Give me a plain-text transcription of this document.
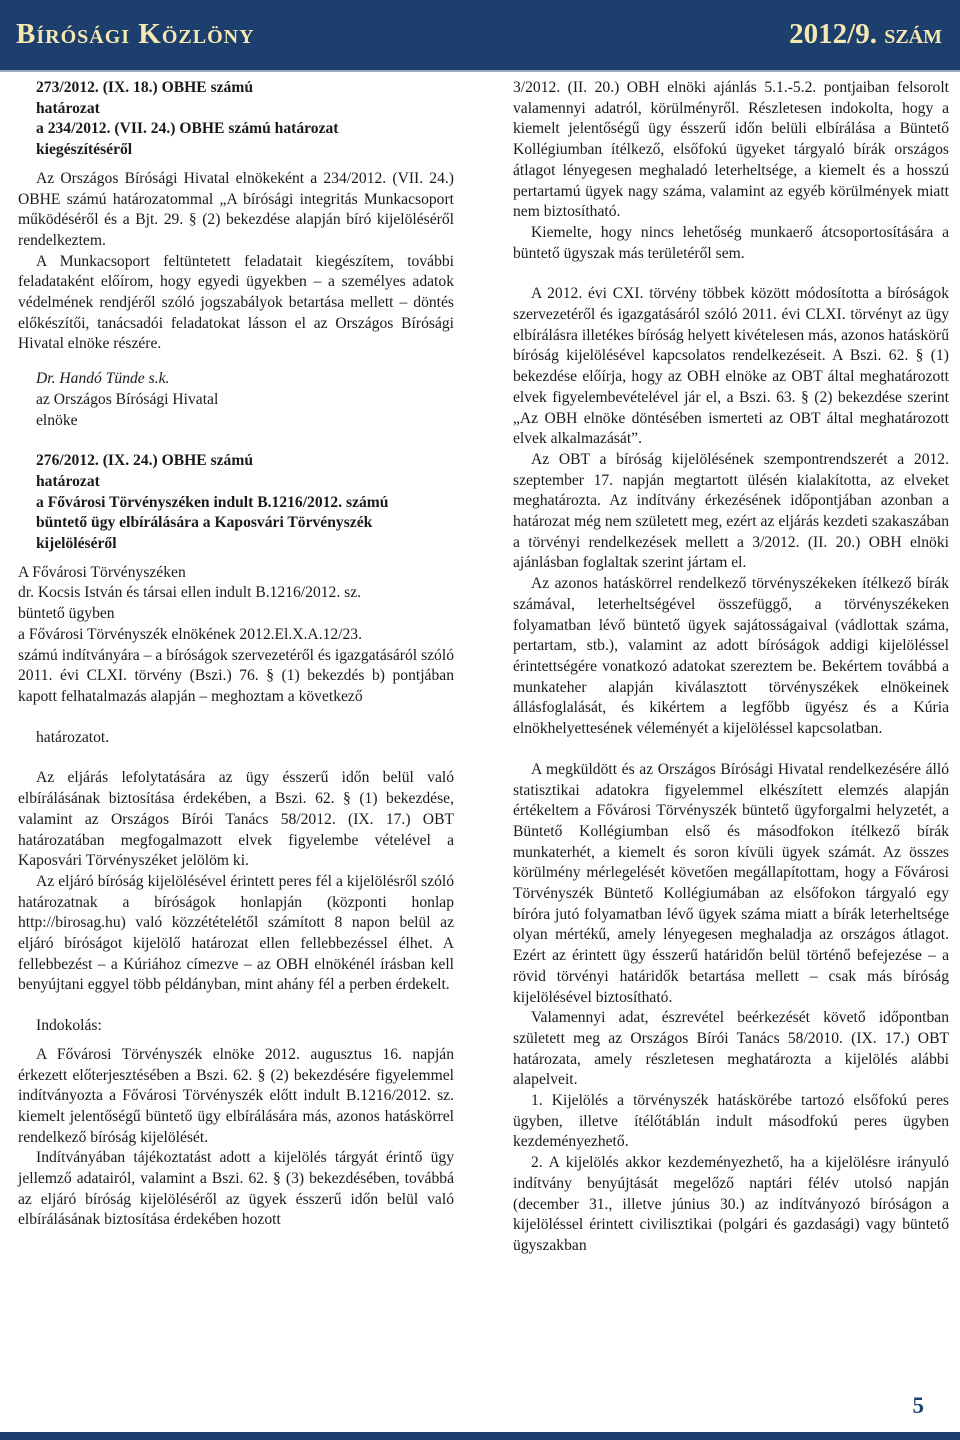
Bírósági Közlöny	2012/9. szám

273/2012. (IX. 18.) OBHE számú

határozat

a 234/2012. (VII. 24.) OBHE számú határozat

kiegészítéséről

Az Országos Bírósági Hivatal elnökeként a 234/2012. (VII. 24.) OBHE számú határozatommal „A bírósági integritás Munkacsoport működéséről és a Bjt. 29. § (2) bekezdése alapján bíró kijelöléséről rendelkeztem.

A Munkacsoport feltüntetett feladatait kiegészítem, további feladataként előírom, hogy egyedi ügyekben – a személyes adatok védelmének rendjéről szóló jogszabályok betartása mellett – döntés előkészítői, tanácsadói feladatokat lásson el az Országos Bírósági Hivatal elnöke részére.

Dr. Handó Tünde s.k.

az Országos Bírósági Hivatal

elnöke

276/2012. (IX. 24.) OBHE számú

határozat

a Fővárosi Törvényszéken indult B.1216/2012. számú

büntető ügy elbírálására a Kaposvári Törvényszék

kijelöléséről

A Fővárosi Törvényszéken

dr. Kocsis István és társai ellen indult B.1216/2012. sz.

büntető ügyben

a Fővárosi Törvényszék elnökének 2012.El.X.A.12/23.

számú indítványára – a bíróságok szervezetéről és igazgatásáról szóló 2011. évi CLXI. törvény (Bszi.) 76. § (1) bekezdés b) pontjában kapott felhatalmazás alapján – meghoztam a következő

határozatot.

Az eljárás lefolytatására az ügy ésszerű időn belül való elbírálásának biztosítása érdekében, a Bszi. 62. § (1) bekezdése, valamint az Országos Bírói Tanács 58/2012. (IX. 17.) OBT határozatában megfogalmazott elvek figyelembe vételével a Kaposvári Törvényszéket jelölöm ki.

Az eljáró bíróság kijelölésével érintett peres fél a kijelölésről szóló határozatnak a bíróságok honlapján (központi honlap http://birosag.hu) való közzétételétől számított 8 napon belül az eljáró bíróságot kijelölő határozat ellen fellebbezéssel élhet. A fellebbezést – a Kúriához címezve – az OBH elnökénél írásban kell benyújtani eggyel több példányban, mint ahány fél a perben érdekelt.

Indokolás:

A Fővárosi Törvényszék elnöke 2012. augusztus 16. napján érkezett előterjesztésében a Bszi. 62. § (2) bekezdésére figyelemmel indítványozta a Fővárosi Törvényszék előtt indult B.1216/2012. sz. kiemelt jelentőségű büntető ügy elbírálására más, azonos hatáskörrel rendelkező bíróság kijelölését.

Indítványában tájékoztatást adott a kijelölés tárgyát érintő ügy jellemző adatairól, valamint a Bszi. 62. § (3) bekezdésében, továbbá az eljáró bíróság kijelöléséről az ügyek ésszerű időn belül való elbírálásának biztosítása érdekében hozott

3/2012. (II. 20.) OBH elnöki ajánlás 5.1.-5.2. pontjaiban felsorolt valamennyi adatról, körülményről. Részletesen indokolta, hogy a kiemelt jelentőségű ügy ésszerű időn belüli elbírálása a Büntető Kollégiumban ítélkező, elsőfokú ügyeket tárgyaló bírák országos átlagot lényegesen meghaladó leterheltsége, a kiemelt és a hosszú pertartamú ügyek nagy száma, valamint az egyéb körülmények miatt nem biztosítható.

Kiemelte, hogy nincs lehetőség munkaerő átcsoportosítására a büntető ügyszak más területéről sem.

A 2012. évi CXI. törvény többek között módosította a bíróságok szervezetéről és igazgatásáról szóló 2011. évi CLXI. törvényt az ügy elbírálásra illetékes bíróság helyett kivételesen más, azonos hatáskörű bíróság kijelölésével kapcsolatos rendelkezéseit. A Bszi. 62. § (1) bekezdése előírja, hogy az OBH elnöke az OBT által meghatározott elvek figyelembevételével jár el, a Bszi. 63. § (2) bekezdése szerint „Az OBH elnöke döntésében ismerteti az OBT által meghatározott elvek alkalmazását”.

Az OBT a bíróság kijelölésének szempontrendszerét a 2012. szeptember 17. napján megtartott ülésén kialakította, az elveket meghatározta. Az indítvány érkezésének időpontjában azonban a határozat még nem született meg, ezért az eljárás kezdeti szakaszában a törvényi rendelkezések mellett a 3/2012. (II. 20.) OBH elnöki ajánlásban foglaltak szerint jártam el.

Az azonos hatáskörrel rendelkező törvényszékeken ítélkező bírák számával, leterheltségével összefüggő, a törvényszékeken folyamatban lévő büntető ügyek sajátosságaival (vádlottak száma, pertartam, stb.), valamint az adott bíróságok addigi kijelöléssel érintettségére vonatkozó adatokat szereztem be. Bekértem továbbá a munkateher alapján kiválasztott törvényszékek elnökeinek állásfoglalását, és kikértem a legfőbb ügyész és a Kúria elnökhelyettesének véleményét a kijelöléssel kapcsolatban.

A megküldött és az Országos Bírósági Hivatal rendelkezésére álló statisztikai adatokra figyelemmel elkészített elemzés alapján értékeltem a Fővárosi Törvényszék büntető ügyforgalmi helyzetét, a Büntető Kollégiumban első és másodfokon ítélkező bírák munkaterhét, a kiemelt és soron kívüli ügyek számát. Az összes körülmény mérlegelését követően megállapítottam, hogy a Fővárosi Törvényszék Büntető Kollégiumában az elsőfokon tárgyaló egy bíróra jutó folyamatban lévő ügyek száma miatt a bírák leterheltsége olyan mértékű, amely lényegesen meghaladja az országos átlagot. Ezért az érintett ügy ésszerű határidőn belül történő befejezése – a rövid törvényi határidők betartása mellett – csak más bíróság kijelölésével biztosítható.

Valamennyi adat, észrevétel beérkezését követő időpontban született meg az Országos Bírói Tanács 58/2010. (IX. 17.) OBT határozata, amely részletesen meghatározta a kijelölés alábbi alapelveit.

1. Kijelölés a törvényszék hatáskörébe tartozó elsőfokú peres ügyben, illetve ítélőtáblán indult másodfokú peres ügyben kezdeményezhető.

2. A kijelölés akkor kezdeményezhető, ha a kijelölésre irányuló indítvány benyújtását megelőző naptári félév utolsó napján (december 31., illetve június 30.) az indítványozó bíróságon a kijelöléssel érintett civilisztikai (polgári és gazdasági) vagy büntető ügyszakban

5
